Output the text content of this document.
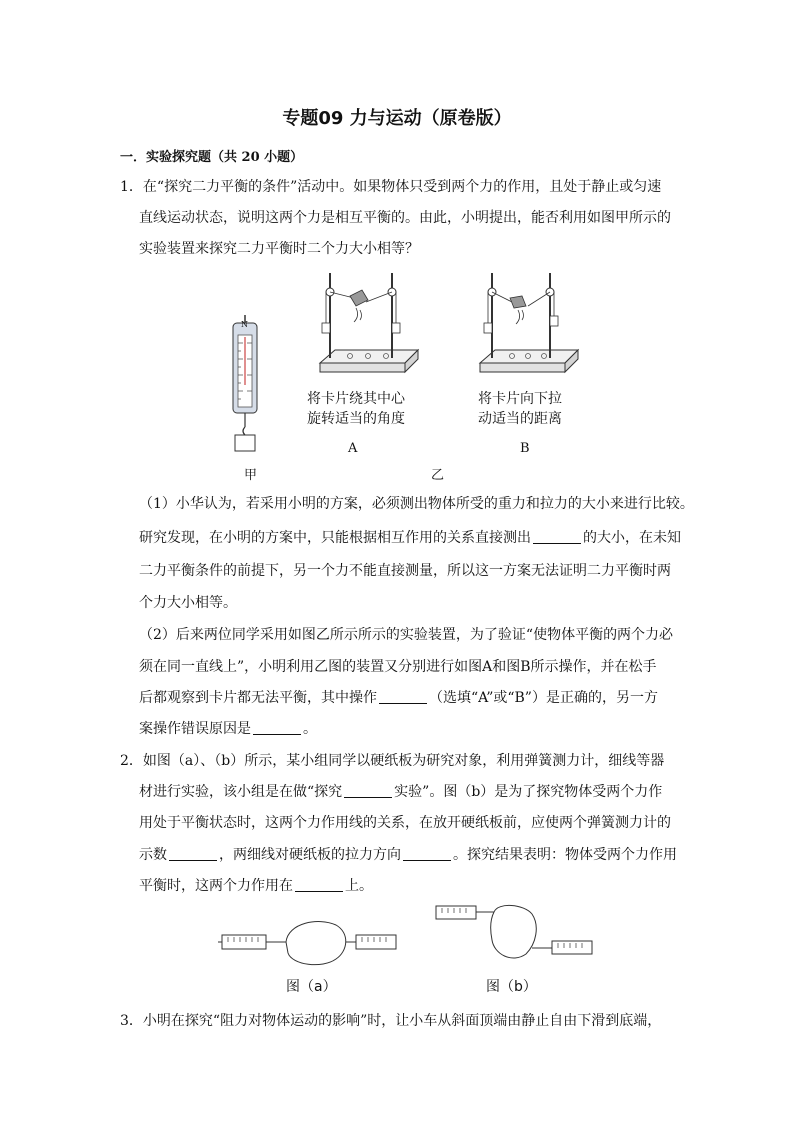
专题09 力与运动（原卷版）
一．实验探究题（共 20 小题）
1．在“探究二力平衡的条件”活动中。如果物体只受到两个力的作用，且处于静止或匀速
直线运动状态，说明这两个力是相互平衡的。由此，小明提出，能否利用如图甲所示的
实验装置来探究二力平衡时二个力大小相等？
N
甲
将卡片绕其中心
旋转适当的角度
A
将卡片向下拉
动适当的距离
B
乙
（1）小华认为，若采用小明的方案，必须测出物体所受的重力和拉力的大小来进行比较。
研究发现，在小明的方案中，只能根据相互作用的关系直接测出	的大小，在未知
二力平衡条件的前提下，另一个力不能直接测量，所以这一方案无法证明二力平衡时两
个力大小相等。
（2）后来两位同学采用如图乙所示所示的实验装置，为了验证“使物体平衡的两个力必
须在同一直线上”，小明利用乙图的装置又分别进行如图A和图B所示操作，并在松手
后都观察到卡片都无法平衡，其中操作	（选填“A”或“B”）是正确的，另一方
案操作错误原因是	。
2．如图（a）、（b）所示，某小组同学以硬纸板为研究对象，利用弹簧测力计，细线等器
材进行实验，该小组是在做“探究	实验”。图（b）是为了探究物体受两个力作
用处于平衡状态时，这两个力作用线的关系，在放开硬纸板前，应使两个弹簧测力计的
示数	，两细线对硬纸板的拉力方向	。探究结果表明：物体受两个力作用
平衡时，这两个力作用在	上。
图（a）	图（b）
3．小明在探究“阻力对物体运动的影响”时，让小车从斜面顶端由静止自由下滑到底端，
